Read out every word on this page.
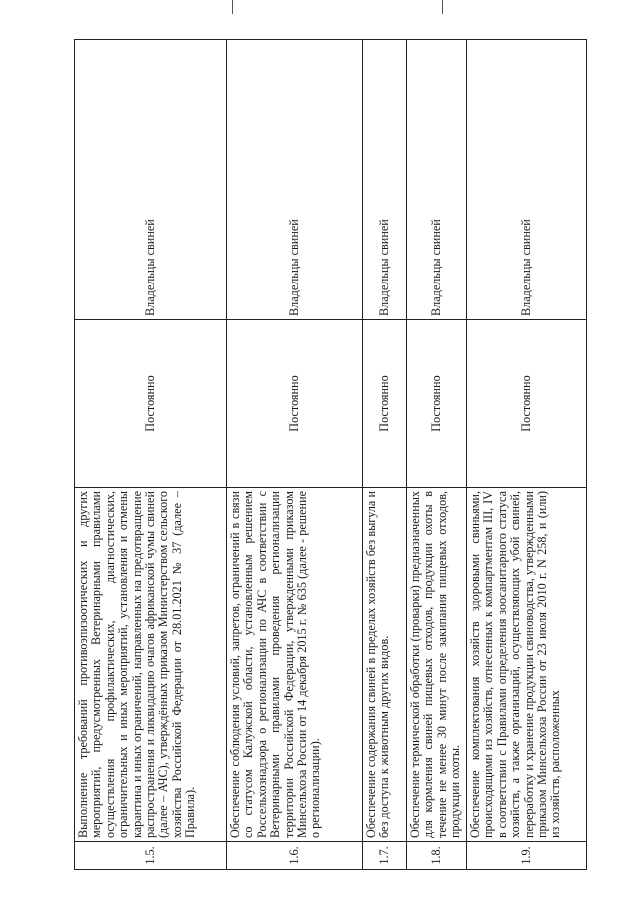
1.5.	Выполнение требований противоэпизоотических и других мероприятий, предусмотренных Ветеринарными правилами осуществления профилактических, диагностических, ограничительных и иных мероприятий, установления и отмены карантина и иных ограничений, направленных на предотвращение распространения и ликвидацию очагов африканской чумы свиней (далее – АЧС), утверждённых приказом Министерством сельского хозяйства Российской Федерации от 28.01.2021 № 37 (далее – Правила).	Постоянно	Владельцы свиней
1.6.	Обеспечение соблюдения условий, запретов, ограничений в связи со статусом Калужской области, установленным решением Россельхознадзора о регионализации по АЧС в соответствии с Ветеринарными правилами проведения регионализации территории Российской Федерации, утвержденными приказом Минсельхоза России от 14 декабря 2015 г. № 635 (далее - решение о регионализации).	Постоянно	Владельцы свиней
1.7.	Обеспечение содержания свиней в пределах хозяйств без выгула и без доступа к животным других видов.	Постоянно	Владельцы свиней
1.8.	Обеспечение термической обработки (проварки) предназначенных для кормления свиней пищевых отходов, продукции охоты в течение не менее 30 минут после закипания пищевых отходов, продукции охоты.	Постоянно	Владельцы свиней
1.9.	Обеспечение комплектования хозяйств здоровыми свиньями, происходящими из хозяйств, отнесенных к компартментам III, IV в соответствии с Правилами определения зоосанитарного статуса хозяйств, а также организаций, осуществляющих убой свиней, переработку и хранение продукции свиноводства, утвержденными приказом Минсельхоза России от 23 июля 2010 г. N 258, и (или) из хозяйств, расположенных	Постоянно	Владельцы свиней
